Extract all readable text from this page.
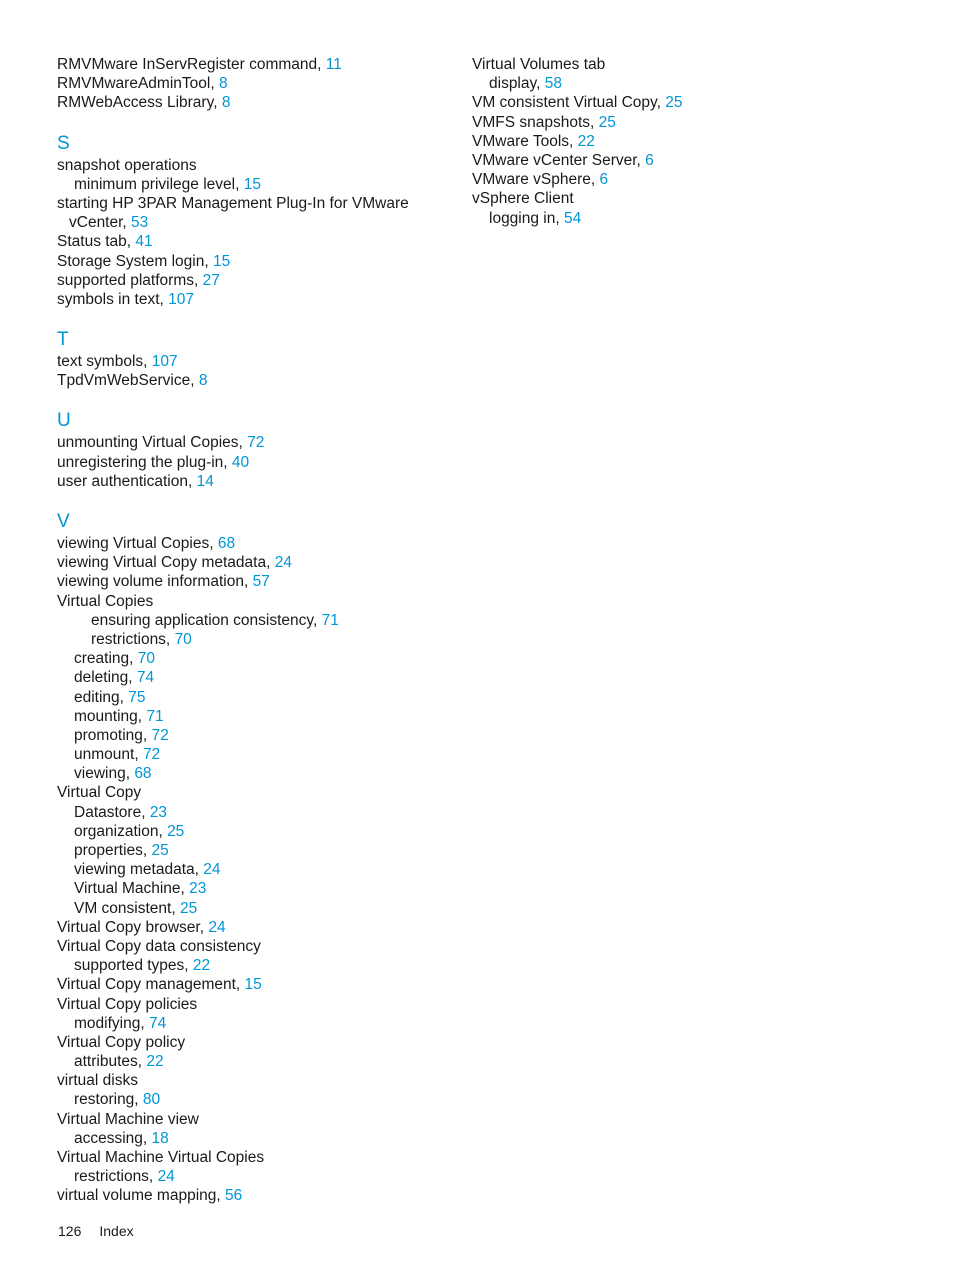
RMVMware InServRegister command, 11
RMVMwareAdminTool, 8
RMWebAccess Library, 8
S
snapshot operations
minimum privilege level, 15
starting HP 3PAR Management Plug-In for VMware
vCenter, 53
Status tab, 41
Storage System login, 15
supported platforms, 27
symbols in text, 107
T
text symbols, 107
TpdVmWebService, 8
U
unmounting Virtual Copies, 72
unregistering the plug-in, 40
user authentication, 14
V
viewing Virtual Copies, 68
viewing Virtual Copy metadata, 24
viewing volume information, 57
Virtual Copies
ensuring application consistency, 71
restrictions, 70
creating, 70
deleting, 74
editing, 75
mounting, 71
promoting, 72
unmount, 72
viewing, 68
Virtual Copy
Datastore, 23
organization, 25
properties, 25
viewing metadata, 24
Virtual Machine, 23
VM consistent, 25
Virtual Copy browser, 24
Virtual Copy data consistency
supported types, 22
Virtual Copy management, 15
Virtual Copy policies
modifying, 74
Virtual Copy policy
attributes, 22
virtual disks
restoring, 80
Virtual Machine view
accessing, 18
Virtual Machine Virtual Copies
restrictions, 24
virtual volume mapping, 56
Virtual Volumes tab
display, 58
VM consistent Virtual Copy, 25
VMFS snapshots, 25
VMware Tools, 22
VMware vCenter Server, 6
VMware vSphere, 6
vSphere Client
logging in, 54
126 Index
